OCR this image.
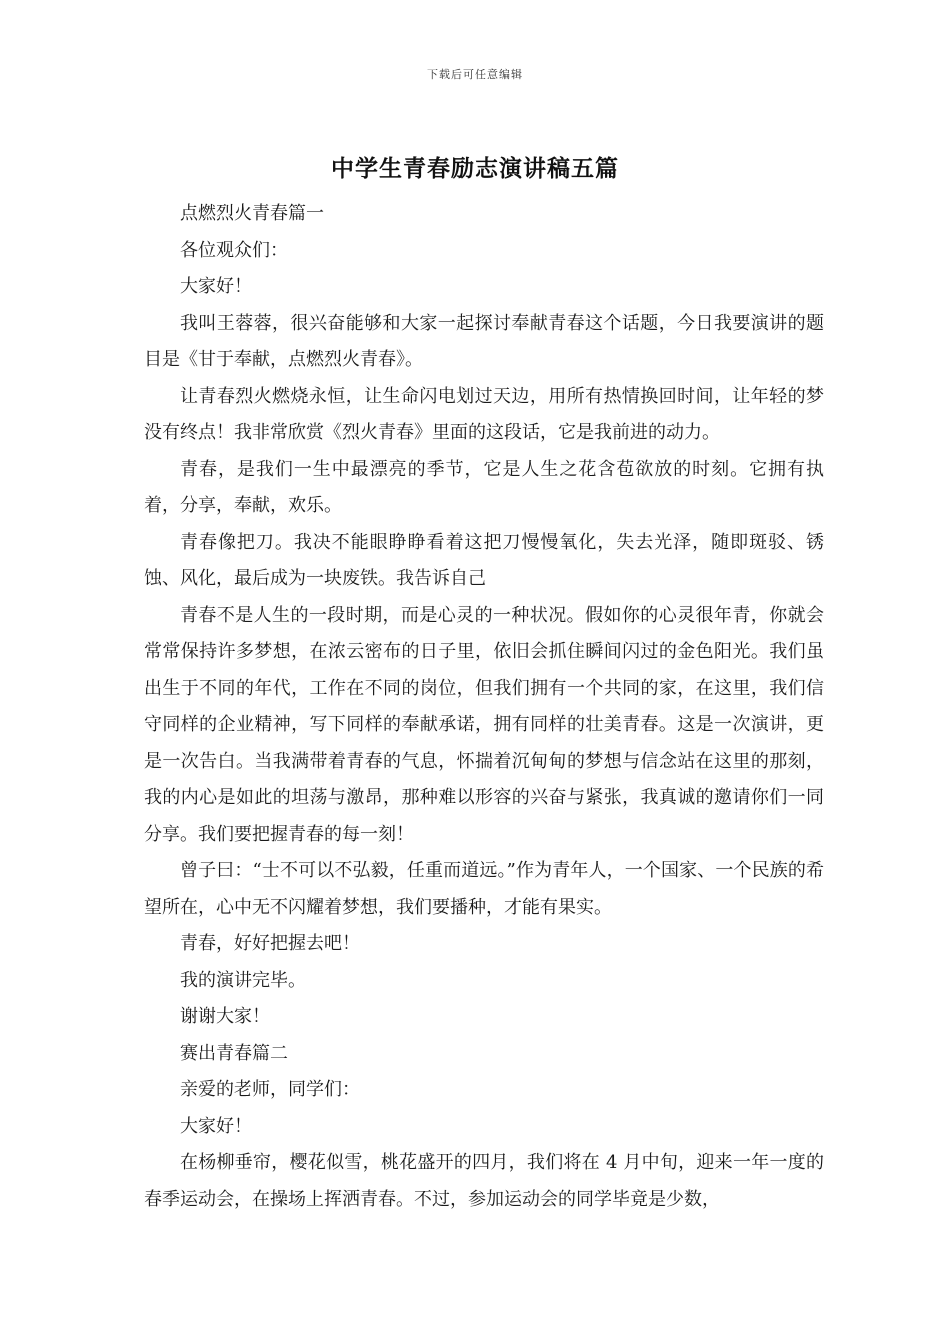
下载后可任意编辑
中学生青春励志演讲稿五篇

点燃烈火青春篇一

各位观众们：

大家好！

我叫王蓉蓉，很兴奋能够和大家一起探讨奉献青春这个话题，今日我要演讲的题目是《甘于奉献，点燃烈火青春》。

让青春烈火燃烧永恒，让生命闪电划过天边，用所有热情换回时间，让年轻的梦没有终点！我非常欣赏《烈火青春》里面的这段话，它是我前进的动力。

青春，是我们一生中最漂亮的季节，它是人生之花含苞欲放的时刻。它拥有执着，分享，奉献，欢乐。

青春像把刀。我决不能眼睁睁看着这把刀慢慢氧化，失去光泽，随即斑驳、锈蚀、风化，最后成为一块废铁。我告诉自己

青春不是人生的一段时期，而是心灵的一种状况。假如你的心灵很年青，你就会常常保持许多梦想，在浓云密布的日子里，依旧会抓住瞬间闪过的金色阳光。我们虽出生于不同的年代，工作在不同的岗位，但我们拥有一个共同的家，在这里，我们信守同样的企业精神，写下同样的奉献承诺，拥有同样的壮美青春。这是一次演讲，更是一次告白。当我满带着青春的气息，怀揣着沉甸甸的梦想与信念站在这里的那刻，我的内心是如此的坦荡与激昂，那种难以形容的兴奋与紧张，我真诚的邀请你们一同分享。我们要把握青春的每一刻！

曾子曰：“士不可以不弘毅，任重而道远。”作为青年人，一个国家、一个民族的希望所在，心中无不闪耀着梦想，我们要播种，才能有果实。

青春，好好把握去吧！

我的演讲完毕。

谢谢大家！

赛出青春篇二

亲爱的老师，同学们：

大家好！

在杨柳垂帘，樱花似雪，桃花盛开的四月，我们将在 4 月中旬，迎来一年一度的春季运动会，在操场上挥洒青春。不过，参加运动会的同学毕竟是少数，
